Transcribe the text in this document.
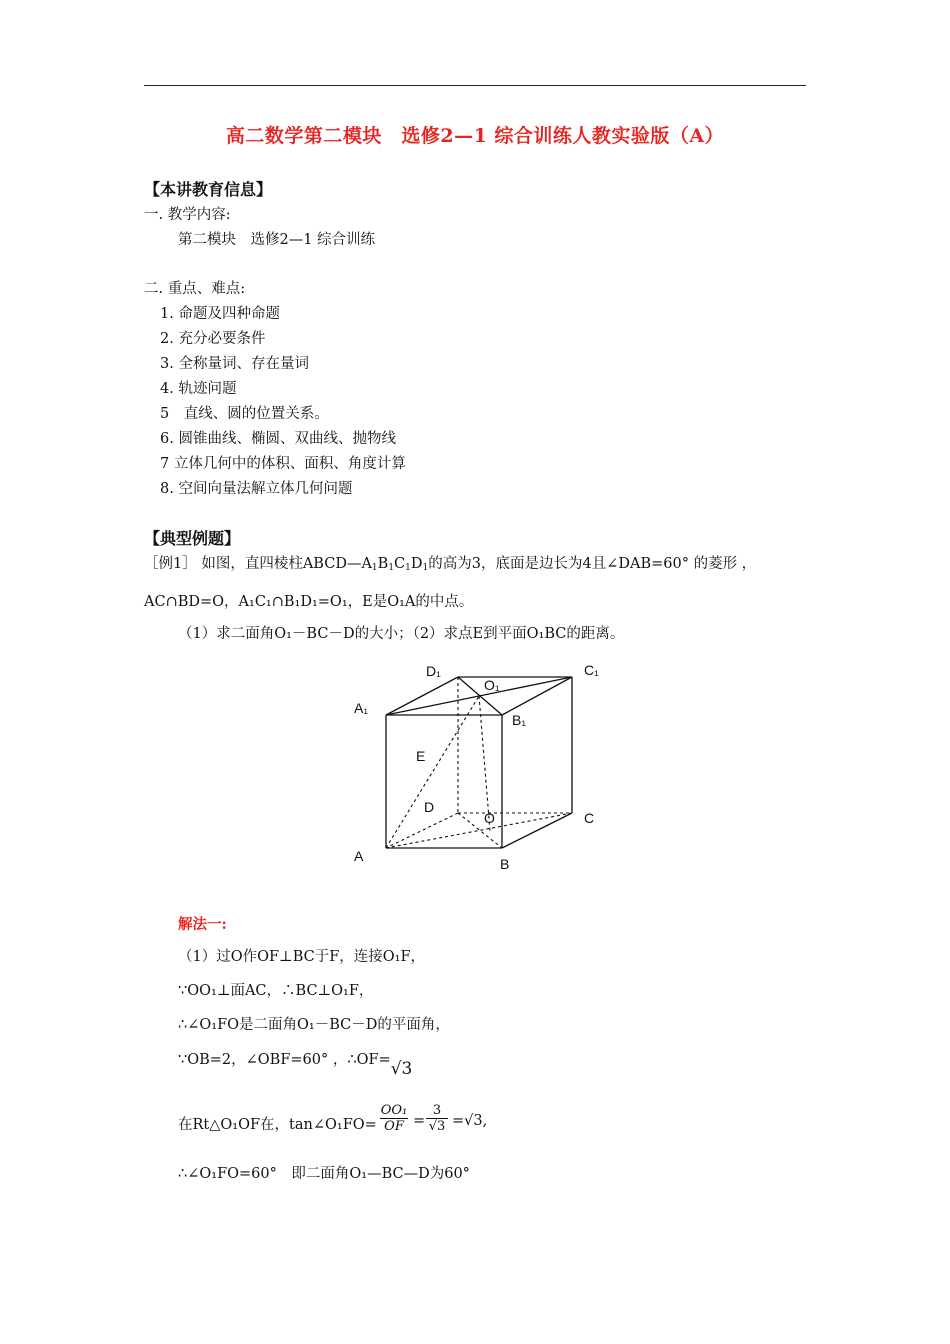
高二数学第二模块　选修2—1 综合训练人教实验版（A）
【本讲教育信息】
一. 教学内容:
第二模块　选修2—1 综合训练
二. 重点、难点:
1. 命题及四种命题
2. 充分必要条件
3. 全称量词、存在量词
4. 轨迹问题
5　直线、圆的位置关系。
6. 圆锥曲线、椭圆、双曲线、抛物线
7 立体几何中的体积、面积、角度计算
8. 空间向量法解立体几何问题
【典型例题】
［例1］ 如图，直四棱柱$ABCD—A_1B_1C_1D_1$的高为3，底面是边长为4且∠DAB=60° 的菱形 ，
AC∩BD=O，A₁C₁∩B₁D₁=O₁，E是O₁A的中点。
（1）求二面角O₁－BC－D的大小；（2）求点E到平面O₁BC的距离。
D₁
O₁
C₁
A₁
B₁
E
D
O	C
A	B
解法一:
（1）过O作OF⊥BC于F，连接O₁F，
∵OO₁⊥面AC，∴BC⊥O₁F，
∴∠O₁FO是二面角O₁－BC－D的平面角，
∵OB=2，∠OBF=60° ，∴OF=√3
在Rt△O₁OF在，tan∠O₁FO= $\frac{\text{OO₁}}{OF} = \frac{3}{√3} =√3$,
∴∠O₁FO=60°　即二面角O₁—BC—D为60°
